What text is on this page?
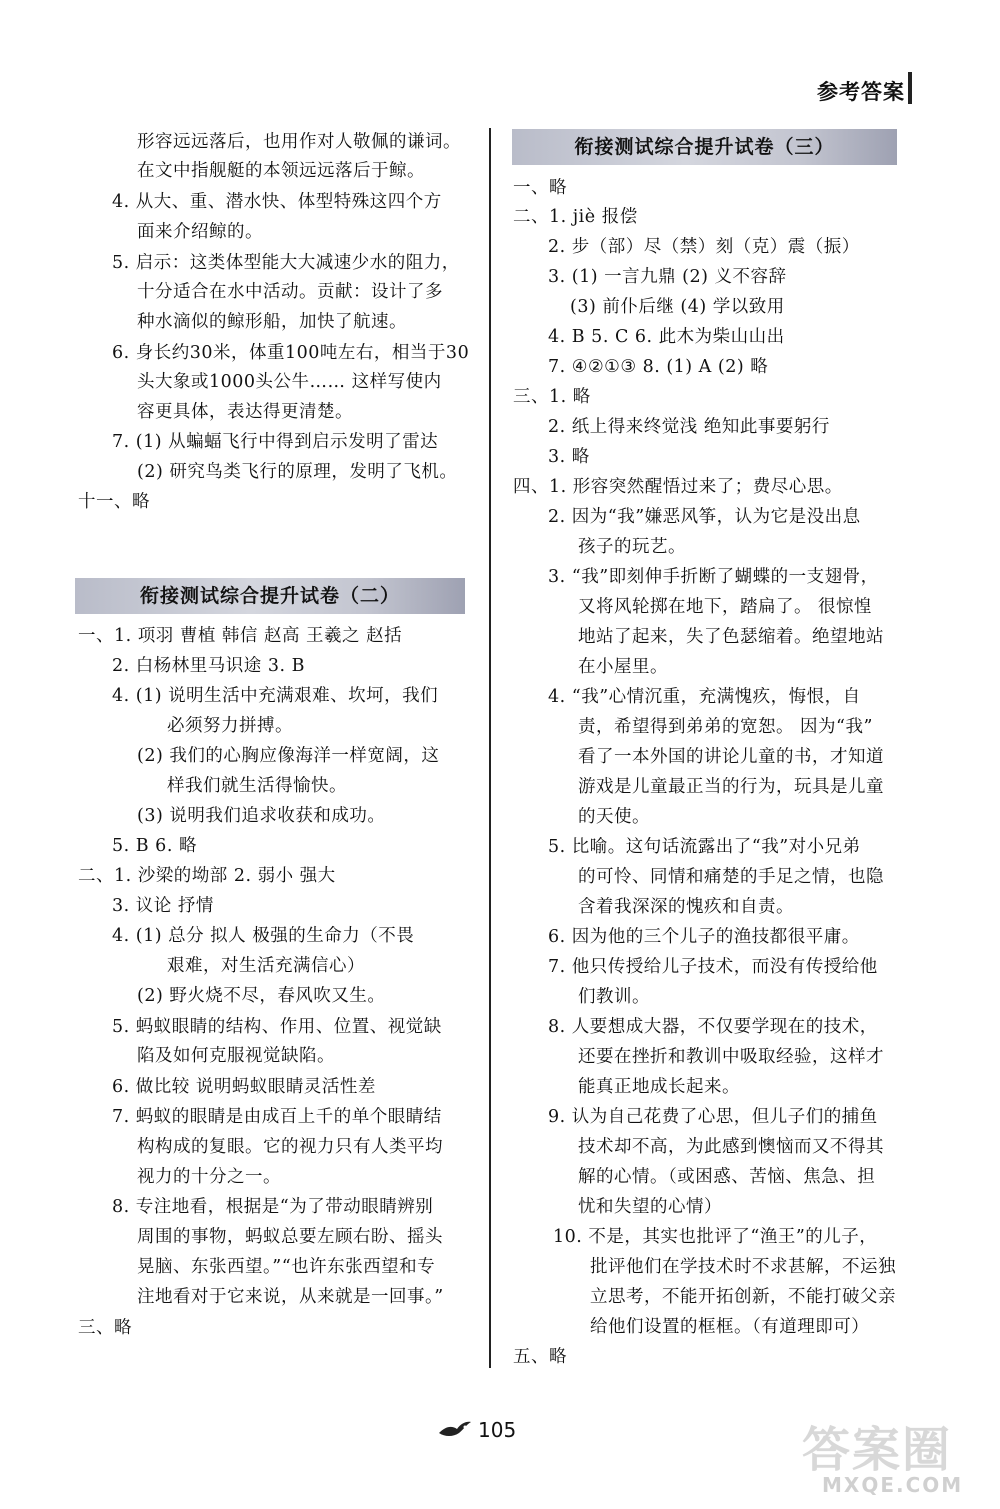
参考答案
形容远远落后，也用作对人敬佩的谦词。
在文中指舰艇的本领远远落后于鲸。
4. 从大、重、潜水快、体型特殊这四个方
面来介绍鲸的。
5. 启示：这类体型能大大减速少水的阻力，
十分适合在水中活动。贡献：设计了多
种水滴似的鲸形船，加快了航速。
6. 身长约30米，体重100吨左右，相当于30
头大象或1000头公牛…… 这样写使内
容更具体，表达得更清楚。
7. (1) 从蝙蝠飞行中得到启示发明了雷达
(2) 研究鸟类飞行的原理，发明了飞机。
十一、略
衔接测试综合提升试卷（二）
一、1. 项羽 曹植 韩信 赵高 王羲之 赵括
2. 白杨林里马识途 3. B
4. (1) 说明生活中充满艰难、坎坷，我们
必须努力拼搏。
(2) 我们的心胸应像海洋一样宽阔，这
样我们就生活得愉快。
(3) 说明我们追求收获和成功。
5. B 6. 略
二、1. 沙梁的坳部 2. 弱小 强大
3. 议论 抒情
4. (1) 总分 拟人 极强的生命力（不畏
艰难，对生活充满信心）
(2) 野火烧不尽，春风吹又生。
5. 蚂蚁眼睛的结构、作用、位置、视觉缺
陷及如何克服视觉缺陷。
6. 做比较 说明蚂蚁眼睛灵活性差
7. 蚂蚁的眼睛是由成百上千的单个眼睛结
构构成的复眼。它的视力只有人类平均
视力的十分之一。
8. 专注地看，根据是“为了带动眼睛辨别
周围的事物，蚂蚁总要左顾右盼、摇头
晃脑、东张西望。”“也许东张西望和专
注地看对于它来说，从来就是一回事。”
三、略
衔接测试综合提升试卷（三）
一、略
二、1. jiè 报偿
2. 步（部）尽（禁）刻（克）震（振）
3. (1) 一言九鼎 (2) 义不容辞
(3) 前仆后继 (4) 学以致用
4. B 5. C 6. 此木为柴山山出
7. ④②①③ 8. (1) A (2) 略
三、1. 略
2. 纸上得来终觉浅 绝知此事要躬行
3. 略
四、1. 形容突然醒悟过来了；费尽心思。
2. 因为“我”嫌恶风筝，认为它是没出息
孩子的玩艺。
3. “我”即刻伸手折断了蝴蝶的一支翅骨，
又将风轮掷在地下，踏扁了。 很惊惶
地站了起来，失了色瑟缩着。绝望地站
在小屋里。
4. “我”心情沉重，充满愧疚，悔恨，自
责，希望得到弟弟的宽恕。 因为“我”
看了一本外国的讲论儿童的书，才知道
游戏是儿童最正当的行为，玩具是儿童
的天使。
5. 比喻。这句话流露出了“我”对小兄弟
的可怜、同情和痛楚的手足之情，也隐
含着我深深的愧疚和自责。
6. 因为他的三个儿子的渔技都很平庸。
7. 他只传授给儿子技术，而没有传授给他
们教训。
8. 人要想成大器，不仅要学现在的技术，
还要在挫折和教训中吸取经验，这样才
能真正地成长起来。
9. 认为自己花费了心思，但儿子们的捕鱼
技术却不高，为此感到懊恼而又不得其
解的心情。（或困惑、苦恼、焦急、担
忧和失望的心情）
10. 不是，其实也批评了“渔王”的儿子，
批评他们在学技术时不求甚解，不运独
立思考，不能开拓创新，不能打破父亲
给他们设置的框框。（有道理即可）
五、略
105	答案圈
MXQE.COM
